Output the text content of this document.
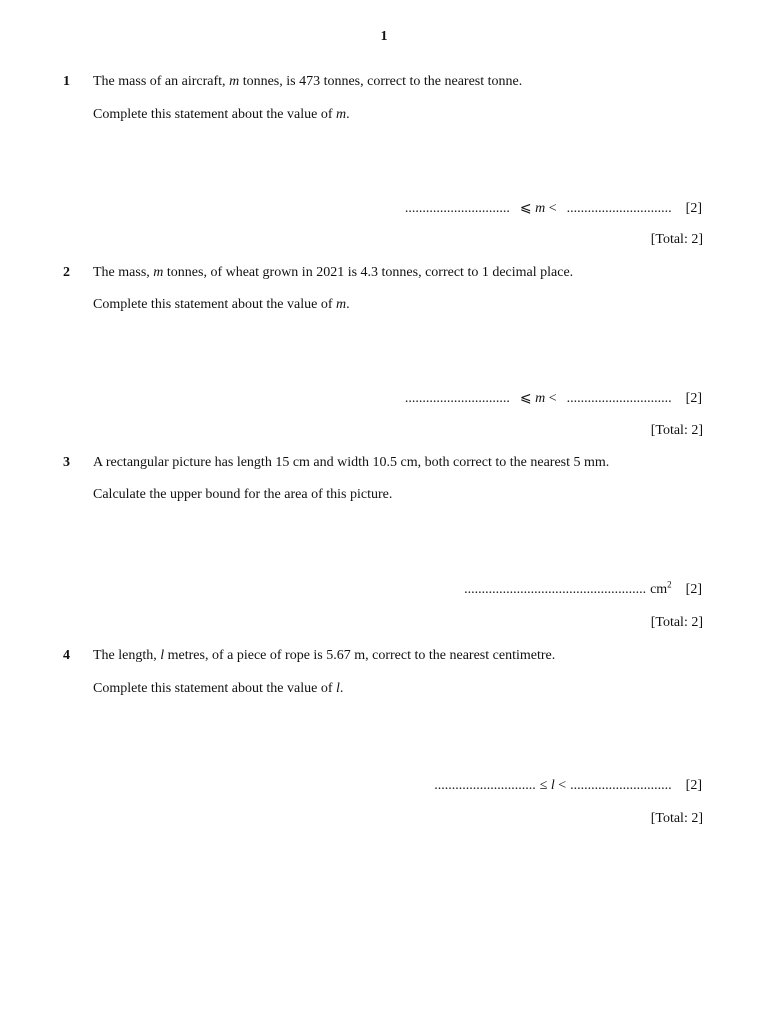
1
1 The mass of an aircraft, m tonnes, is 473 tonnes, correct to the nearest tonne.
Complete this statement about the value of m.
.............................. ⩽ m < .............................. [2]
[Total: 2]
2 The mass, m tonnes, of wheat grown in 2021 is 4.3 tonnes, correct to 1 decimal place.
Complete this statement about the value of m.
.............................. ⩽ m < .............................. [2]
[Total: 2]
3 A rectangular picture has length 15 cm and width 10.5 cm, both correct to the nearest 5 mm.
Calculate the upper bound for the area of this picture.
.................................................... $cm^2$ [2]
[Total: 2]
4 The length, l metres, of a piece of rope is 5.67 m, correct to the nearest centimetre.
Complete this statement about the value of l.
............................. ≤ l < ............................. [2]
[Total: 2]
